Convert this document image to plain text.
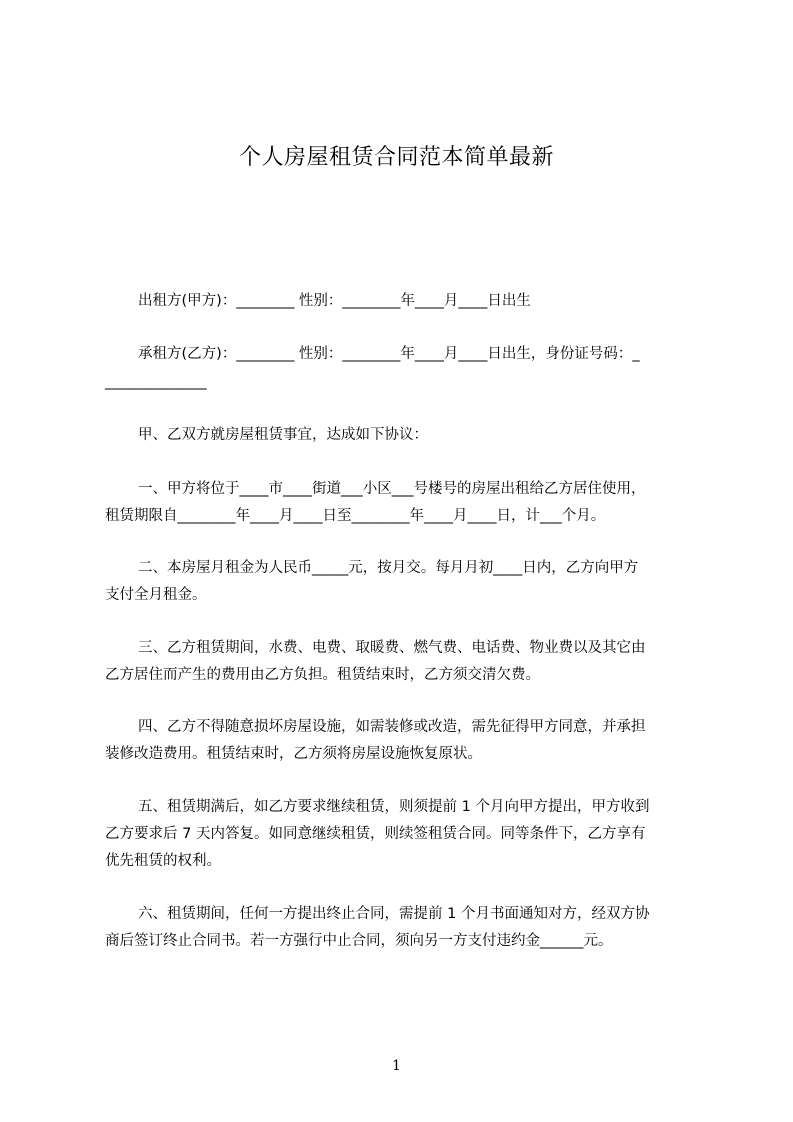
个人房屋租赁合同范本简单最新
出租方(甲方)：________ 性别：________年____月____日出生
承租方(乙方)：________ 性别：________年____月____日出生，身份证号码：_
______________
甲、乙双方就房屋租赁事宜，达成如下协议：
一、甲方将位于____市____街道___小区___号楼号的房屋出租给乙方居住使用，
租赁期限自________年____月____日至________年____月____日，计___个月。
二、本房屋月租金为人民币_____元，按月交。每月月初____日内，乙方向甲方
支付全月租金。
三、乙方租赁期间，水费、电费、取暖费、燃气费、电话费、物业费以及其它由
乙方居住而产生的费用由乙方负担。租赁结束时，乙方须交清欠费。
四、乙方不得随意损坏房屋设施，如需装修或改造，需先征得甲方同意，并承担
装修改造费用。租赁结束时，乙方须将房屋设施恢复原状。
五、租赁期满后，如乙方要求继续租赁，则须提前 1 个月向甲方提出，甲方收到
乙方要求后 7 天内答复。如同意继续租赁，则续签租赁合同。同等条件下，乙方享有
优先租赁的权利。
六、租赁期间，任何一方提出终止合同，需提前 1 个月书面通知对方，经双方协
商后签订终止合同书。若一方强行中止合同，须向另一方支付违约金______元。
1
